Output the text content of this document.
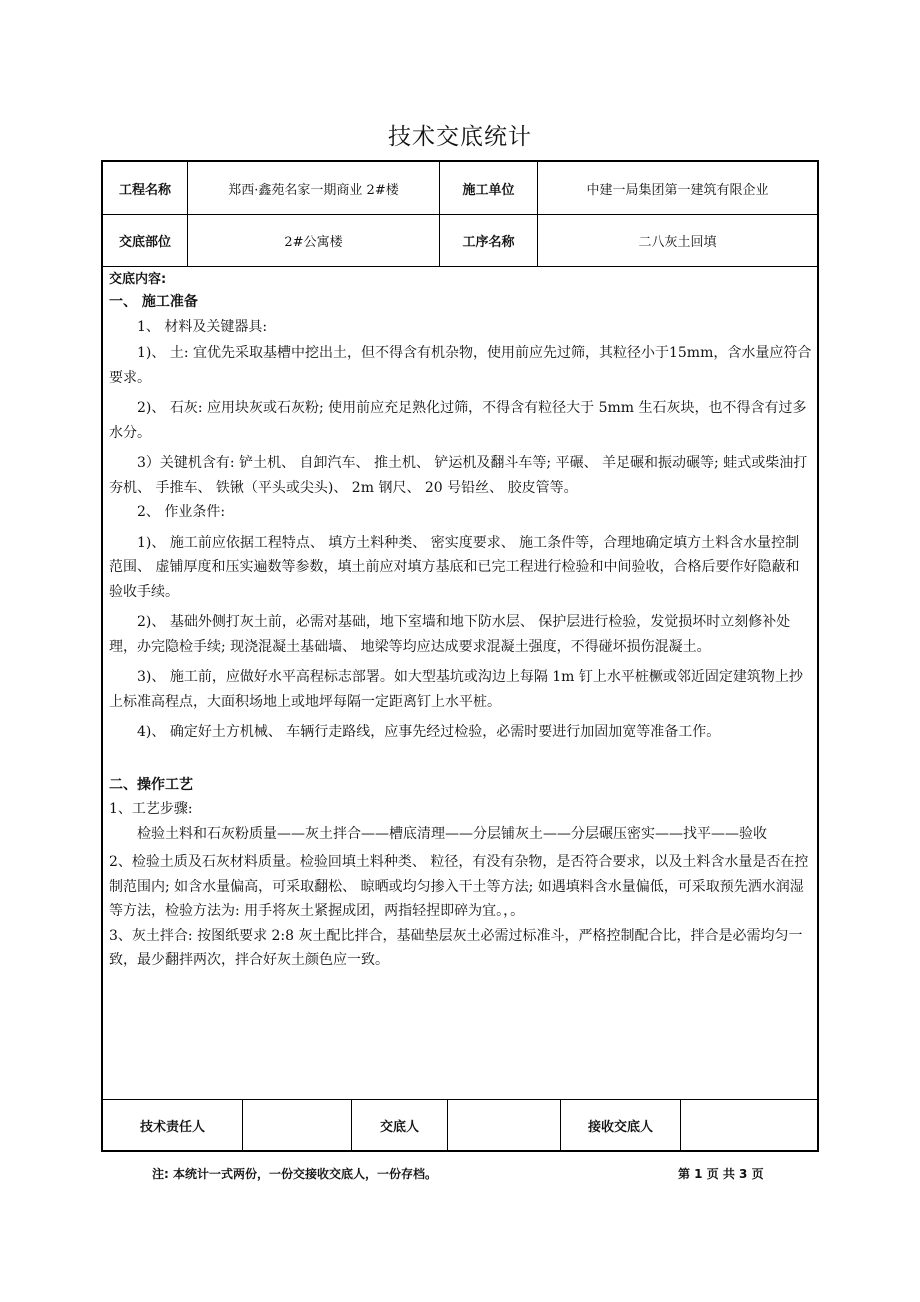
技术交底统计
工程名称	郑西·鑫苑名家一期商业 2#楼	施工单位	中建一局集团第一建筑有限企业
交底部位	2#公寓楼	工序名称	二八灰土回填

交底内容:

一、 施工准备

1、 材料及关键器具:

1)、 土: 宜优先采取基槽中挖出土，但不得含有机杂物，使用前应先过筛，其粒径小于15mm，含水量应符合要求。

2)、 石灰: 应用块灰或石灰粉; 使用前应充足熟化过筛，不得含有粒径大于 5mm 生石灰块，也不得含有过多水分。

3）关键机含有: 铲土机、 自卸汽车、 推土机、 铲运机及翻斗车等; 平碾、 羊足碾和振动碾等; 蛙式或柴油打夯机、 手推车、 铁锹（平头或尖头)、 2m 钢尺、 20 号铅丝、 胶皮管等。

2、 作业条件:

1)、 施工前应依据工程特点、 填方土料种类、 密实度要求、 施工条件等，合理地确定填方土料含水量控制范围、 虚铺厚度和压实遍数等参数，填土前应对填方基底和已完工程进行检验和中间验收，合格后要作好隐蔽和验收手续。

2)、 基础外侧打灰土前，必需对基础，地下室墙和地下防水层、 保护层进行检验，发觉损坏时立刻修补处理，办完隐检手续; 现浇混凝土基础墙、 地梁等均应达成要求混凝土强度，不得碰坏损伤混凝土。

3)、 施工前，应做好水平高程标志部署。如大型基坑或沟边上每隔 1m 钉上水平桩橛或邻近固定建筑物上抄上标准高程点，大面积场地上或地坪每隔一定距离钉上水平桩。

4)、 确定好土方机械、 车辆行走路线，应事先经过检验，必需时要进行加固加宽等准备工作。

二、操作工艺

1、工艺步骤:

检验土料和石灰粉质量——灰土拌合——槽底清理——分层铺灰土——分层碾压密实——找平——验收

2、检验土质及石灰材料质量。检验回填土料种类、 粒径，有没有杂物，是否符合要求，以及土料含水量是否在控制范围内; 如含水量偏高，可采取翻松、 晾晒或均匀掺入干土等方法; 如遇填料含水量偏低，可采取预先洒水润湿等方法，检验方法为: 用手将灰土紧握成团，两指轻捏即碎为宜。，。

3、灰土拌合: 按图纸要求 2:8 灰土配比拌合，基础垫层灰土必需过标准斗，严格控制配合比，拌合是必需均匀一致，最少翻拌两次，拌合好灰土颜色应一致。

技术责任人	交底人	接收交底人
注: 本统计一式两份，一份交接收交底人，一份存档。	第 1 页 共 3 页
